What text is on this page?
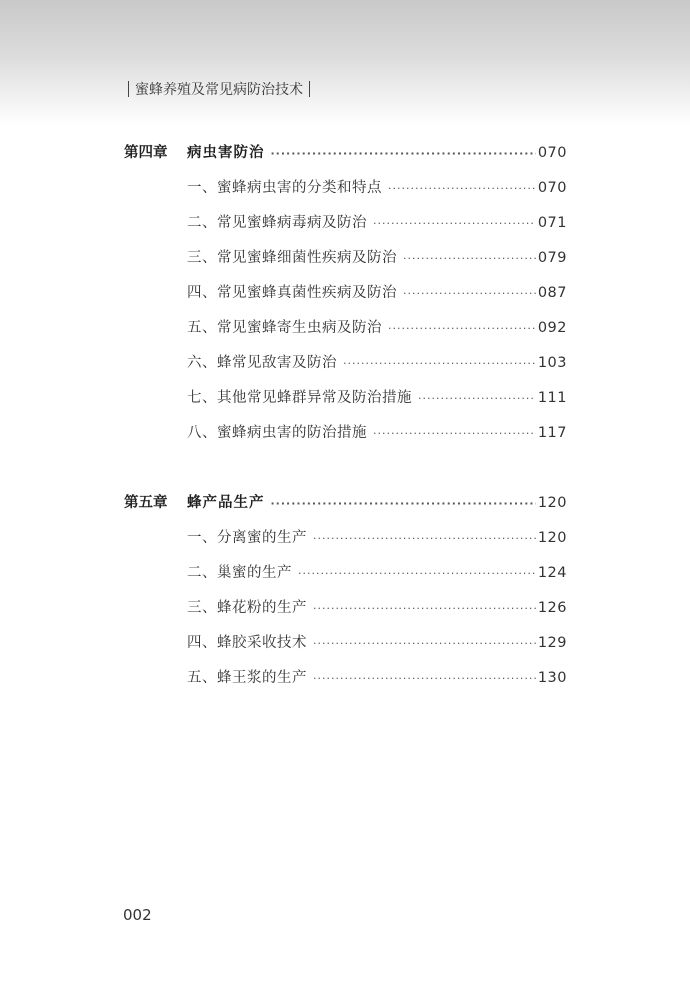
蜜蜂养殖及常见病防治技术
第四章	病虫害防治 ·····	070
一、蜜蜂病虫害的分类和特点 ·····	070
二、常见蜜蜂病毒病及防治 ·····	071
三、常见蜜蜂细菌性疾病及防治 ·····	079
四、常见蜜蜂真菌性疾病及防治 ·····	087
五、常见蜜蜂寄生虫病及防治 ·····	092
六、蜂常见敌害及防治 ·····	103
七、其他常见蜂群异常及防治措施 ·····	111
八、蜜蜂病虫害的防治措施 ·····	117
第五章	蜂产品生产 ·····	120
一、分离蜜的生产 ·····	120
二、巢蜜的生产 ·····	124
三、蜂花粉的生产 ·····	126
四、蜂胶采收技术 ·····	129
五、蜂王浆的生产 ·····	130
002
